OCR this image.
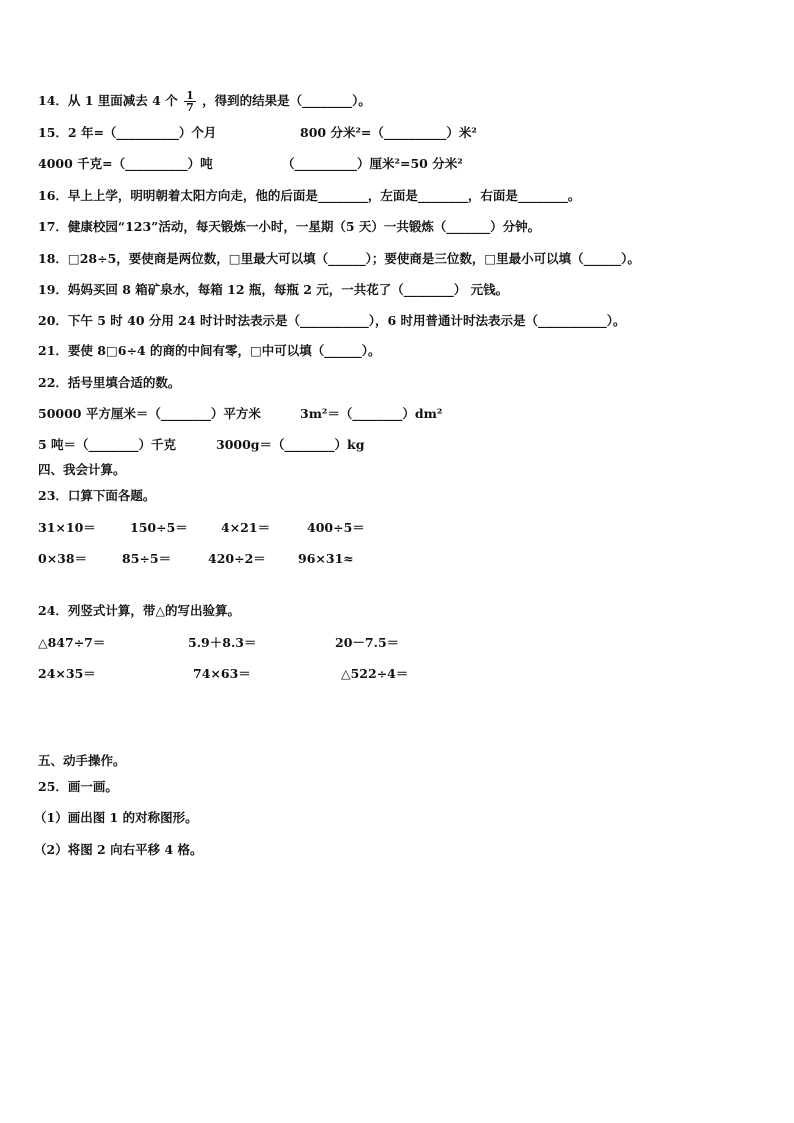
14．从 1 里面减去 4 个 $\frac{1}{7}$ ，得到的结果是（________）。
15．2 年=（__________）个月	800 分米²=（__________）米²
4000 千克=（__________）吨	（__________）厘米²=50 分米²
16．早上上学，明明朝着太阳方向走，他的后面是________，左面是________，右面是________。
17．健康校园“123”活动，每天锻炼一小时，一星期（5 天）一共锻炼（_______）分钟。
18．□28÷5，要使商是两位数，□里最大可以填（______）；要使商是三位数，□里最小可以填（______）。
19．妈妈买回 8 箱矿泉水，每箱 12 瓶，每瓶 2 元，一共花了（________） 元钱。
20．下午 5 时 40 分用 24 时计时法表示是（___________），6 时用普通计时法表示是（___________）。
21．要使 8□6÷4 的商的中间有零，□中可以填（______）。
22．括号里填合适的数。
50000 平方厘米＝（________）平方米	3m²＝（________）dm²
5 吨＝（________）千克	3000g＝（________）kg
四、我会计算。
23．口算下面各题。
31×10＝	150÷5＝	4×21＝	400÷5＝
0×38＝	85÷5＝	420÷2＝	96×31≈
24．列竖式计算，带△的写出验算。
△847÷7＝	5.9＋8.3＝	20－7.5＝
24×35＝	74×63＝	△522÷4＝
五、动手操作。
25．画一画。
（1）画出图 1 的对称图形。
（2）将图 2 向右平移 4 格。
